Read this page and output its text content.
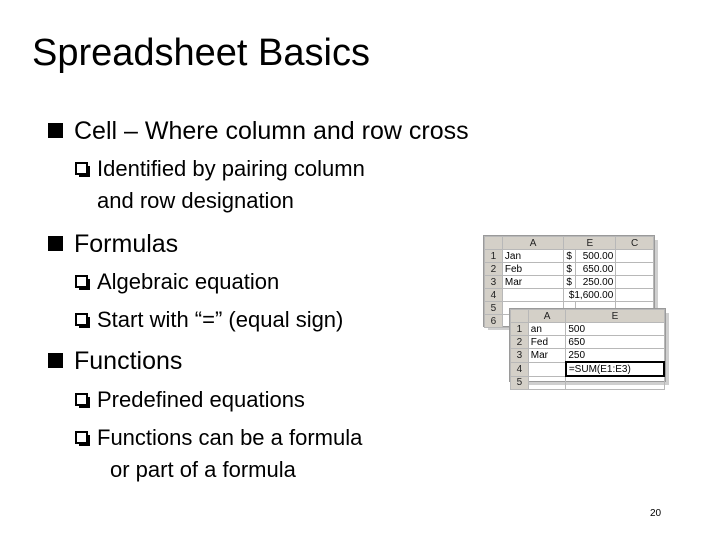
Spreadsheet Basics
Cell – Where column and row cross
Identified by pairing column
and row designation
Formulas
Algebraic equation
Start with “=” (equal sign)
Functions
Predefined equations
Functions can be a formula
or part of a formula
	A	E		C
1	Jan	$	500.00	
2	Feb	$	650.00	
3	Mar	$	250.00	
4		$1,600.00		
5				
6				
		A	E
1	an	500
2	Fed	650
3	Mar	250
4		=SUM(E1:E3)
5		
20
